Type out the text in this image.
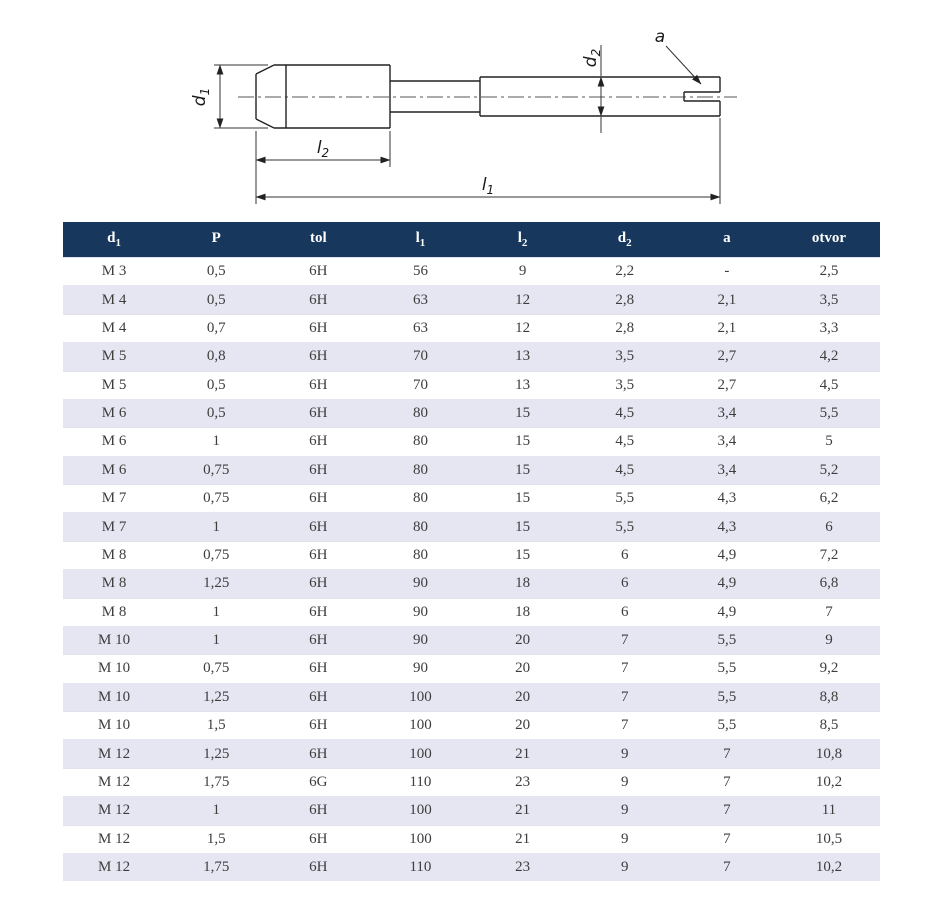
$d_1$
$l_2$
$l_1$
$d_2$
a
$d_1$	P	tol	$l_1$	$l_2$	$d_2$	a	otvor
M 3	0,5	6H	56	9	2,2	-	2,5
M 4	0,5	6H	63	12	2,8	2,1	3,5
M 4	0,7	6H	63	12	2,8	2,1	3,3
M 5	0,8	6H	70	13	3,5	2,7	4,2
M 5	0,5	6H	70	13	3,5	2,7	4,5
M 6	0,5	6H	80	15	4,5	3,4	5,5
M 6	1	6H	80	15	4,5	3,4	5
M 6	0,75	6H	80	15	4,5	3,4	5,2
M 7	0,75	6H	80	15	5,5	4,3	6,2
M 7	1	6H	80	15	5,5	4,3	6
M 8	0,75	6H	80	15	6	4,9	7,2
M 8	1,25	6H	90	18	6	4,9	6,8
M 8	1	6H	90	18	6	4,9	7
M 10	1	6H	90	20	7	5,5	9
M 10	0,75	6H	90	20	7	5,5	9,2
M 10	1,25	6H	100	20	7	5,5	8,8
M 10	1,5	6H	100	20	7	5,5	8,5
M 12	1,25	6H	100	21	9	7	10,8
M 12	1,75	6G	110	23	9	7	10,2
M 12	1	6H	100	21	9	7	11
M 12	1,5	6H	100	21	9	7	10,5
M 12	1,75	6H	110	23	9	7	10,2
